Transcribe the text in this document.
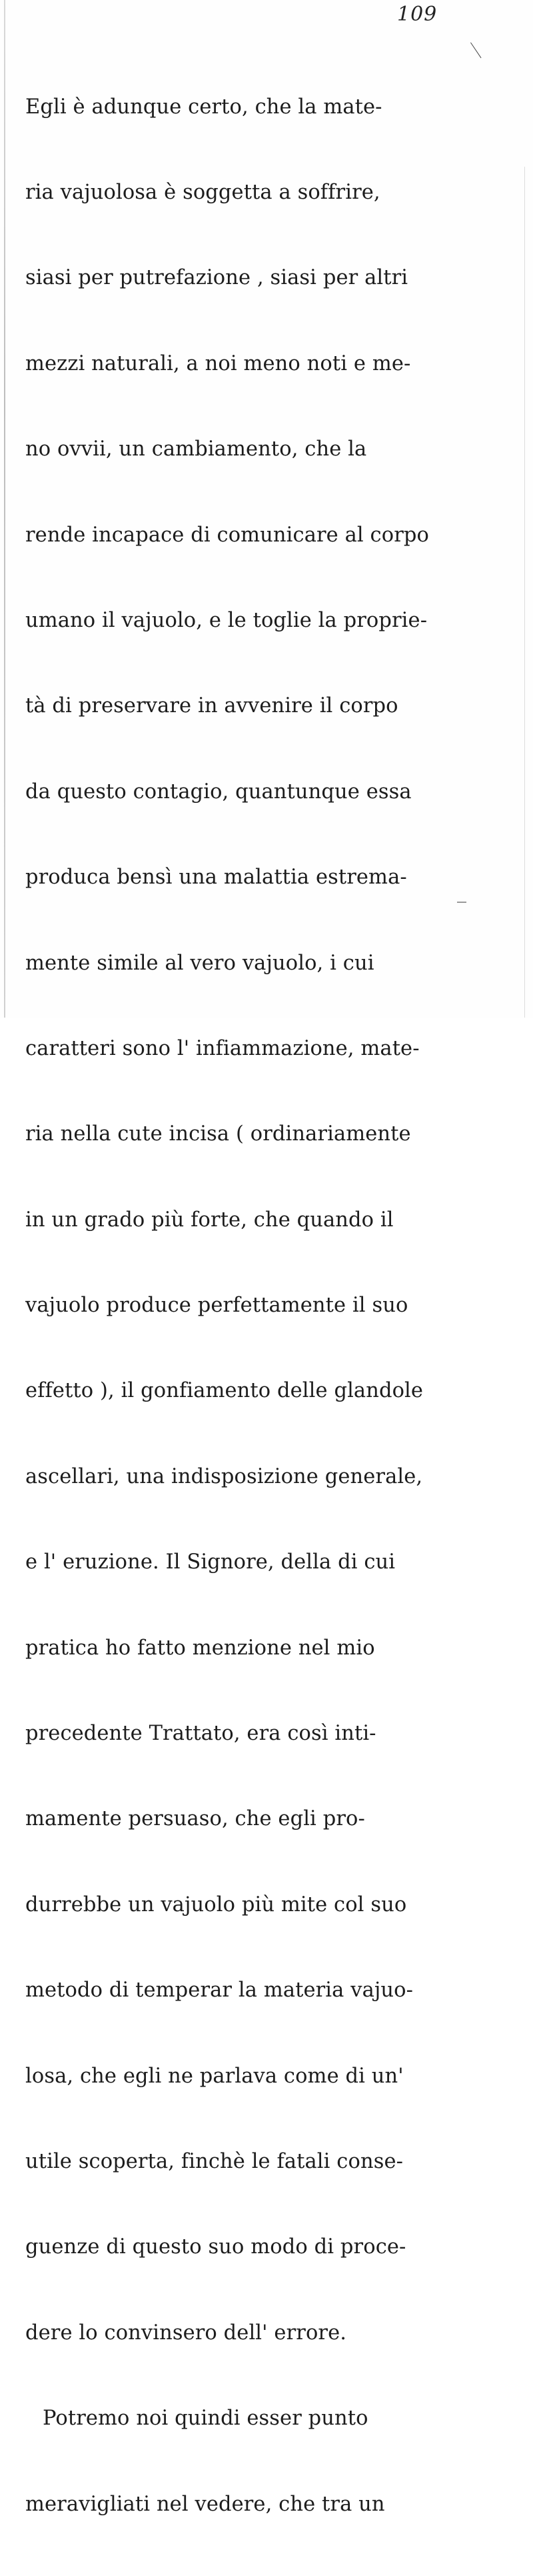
109

Egli è adunque certo, che la mate-

ria vajuolosa è soggetta a soffrire,

siasi per putrefazione , siasi per altri

mezzi naturali, a noi meno noti e me-

no ovvii, un cambiamento, che la

rende incapace di comunicare al corpo

umano il vajuolo, e le toglie la proprie-

tà di preservare in avvenire il corpo

da questo contagio, quantunque essa

produca bensì una malattia estrema-

mente simile al vero vajuolo, i cui

caratteri sono l' infiammazione, mate-

ria nella cute incisa ( ordinariamente

in un grado più forte, che quando il

vajuolo produce perfettamente il suo

effetto ), il gonfiamento delle glandole

ascellari, una indisposizione generale,

e l' eruzione. Il Signore, della di cui

pratica ho fatto menzione nel mio

precedente Trattato, era così inti-

mamente persuaso, che egli pro-

durrebbe un vajuolo più mite col suo

metodo di temperar la materia vajuo-

losa, che egli ne parlava come di un'

utile scoperta, finchè le fatali conse-

guenze di questo suo modo di proce-

dere lo convinsero dell' errore.

Potremo noi quindi esser punto

meravigliati nel vedere, che tra un
